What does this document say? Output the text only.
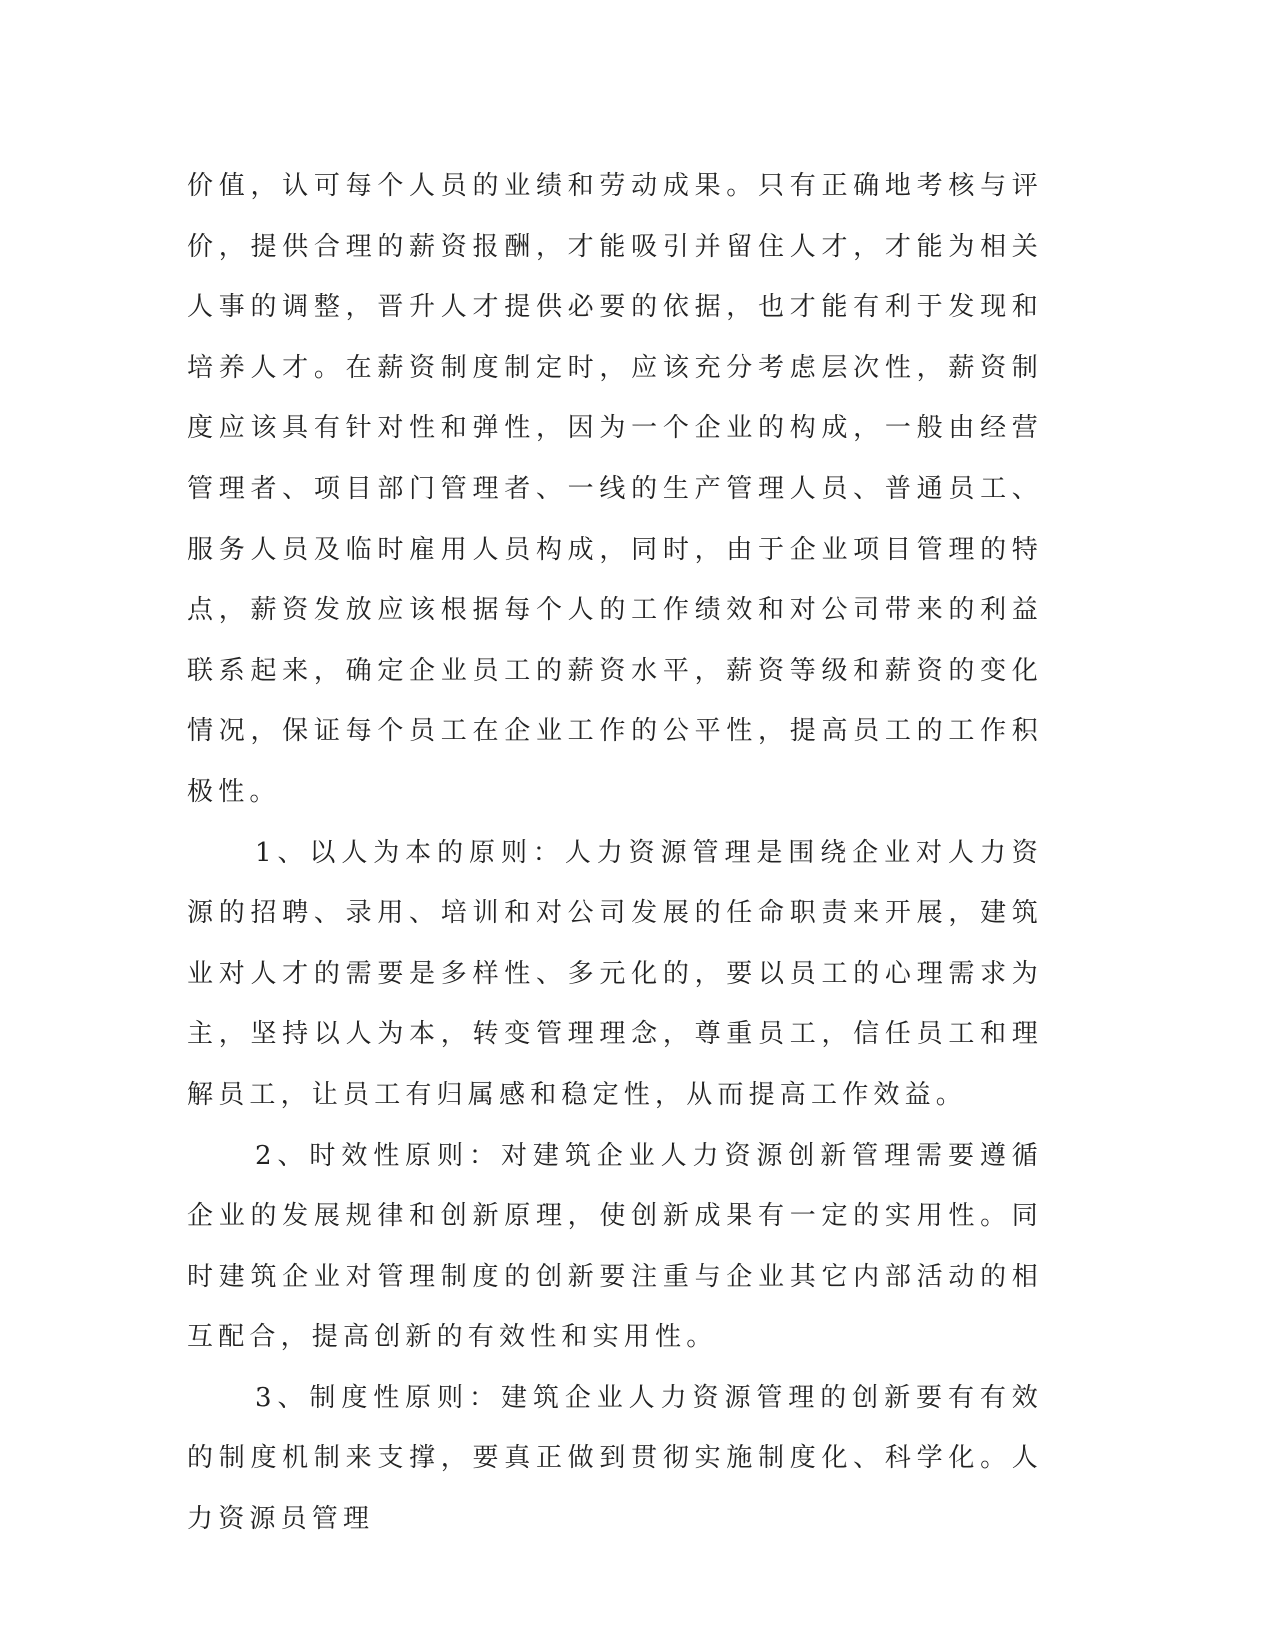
价值，认可每个人员的业绩和劳动成果。只有正确地考核与评价，提供合理的薪资报酬，才能吸引并留住人才，才能为相关人事的调整，晋升人才提供必要的依据，也才能有利于发现和培养人才。在薪资制度制定时，应该充分考虑层次性，薪资制度应该具有针对性和弹性，因为一个企业的构成，一般由经营管理者、项目部门管理者、一线的生产管理人员、普通员工、服务人员及临时雇用人员构成，同时，由于企业项目管理的特点，薪资发放应该根据每个人的工作绩效和对公司带来的利益联系起来，确定企业员工的薪资水平，薪资等级和薪资的变化情况，保证每个员工在企业工作的公平性，提高员工的工作积极性。

1、以人为本的原则：人力资源管理是围绕企业对人力资源的招聘、录用、培训和对公司发展的任命职责来开展，建筑业对人才的需要是多样性、多元化的，要以员工的心理需求为主，坚持以人为本，转变管理理念，尊重员工，信任员工和理解员工，让员工有归属感和稳定性，从而提高工作效益。

2、时效性原则：对建筑企业人力资源创新管理需要遵循企业的发展规律和创新原理，使创新成果有一定的实用性。同时建筑企业对管理制度的创新要注重与企业其它内部活动的相互配合，提高创新的有效性和实用性。

3、制度性原则：建筑企业人力资源管理的创新要有有效的制度机制来支撑，要真正做到贯彻实施制度化、科学化。人力资源员管理
